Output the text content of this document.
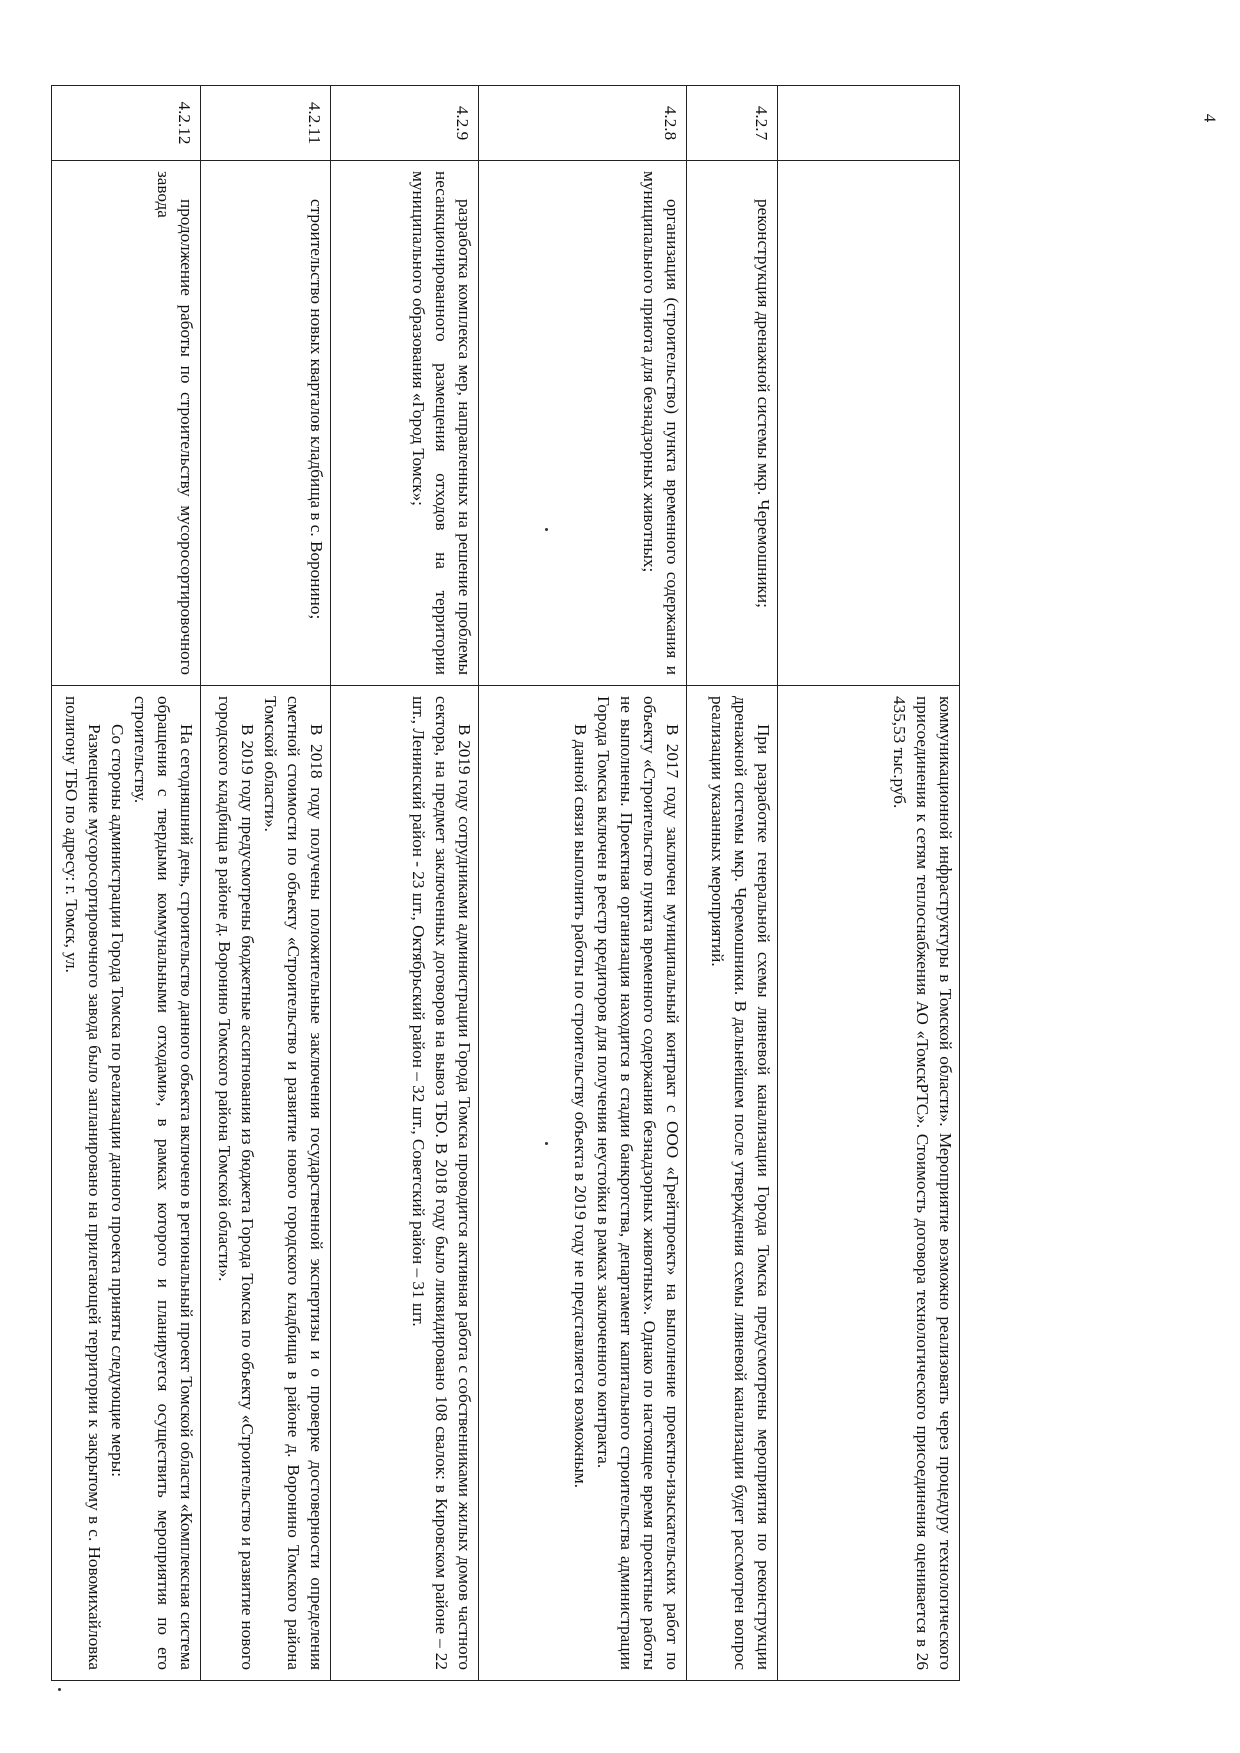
4

		коммуникационной инфраструктуры в Томской области». Мероприятие возможно реализовать через процедуру технологического присоединения к сетям теплоснабжения АО «ТомскРТС». Стоимость договора технологического присоединения оценивается в 26 435,53 тыс.руб.

4.2.7	реконструкция дренажной системы мкр. Черемошники;	При разработке генеральной схемы ливневой канализации Города Томска предусмотрены мероприятия по реконструкции дренажной системы мкр. Черемошники. В дальнейшем после утверждения схемы ливневой канализации будет рассмотрен вопрос реализации указанных мероприятий.

4.2.8	организация (строительство) пункта временного содержания и муниципального приюта для безнадзорных животных;	В 2017 году заключен муниципальный контракт с ООО «Грейтпроект» на выполнение проектно-изыскательских работ по объекту «Строительство пункта временного содержания безнадзорных животных». Однако по настоящее время проектные работы не выполнены. Проектная организация находится в стадии банкротства, департамент капитального строительства администрации Города Томска включен в реестр кредиторов для получения неустойки в рамках заключенного контракта.

В данной связи выполнить работы по строительству объекта в 2019 году не представляется возможным.

4.2.9	разработка комплекса мер, направленных на решение проблемы несанкционированного размещения отходов на территории муниципального образования «Город Томск»;	В 2019 году сотрудниками администрации Города Томска проводится активная работа с собственниками жилых домов частного сектора, на предмет заключенных договоров на вывоз ТБО. В 2018 году было ликвидировано 108 свалок: в Кировском районе – 22 шт., Ленинский район - 23 шт., Октябрьский район – 32 шт., Советский район – 31 шт.

4.2.11	строительство новых кварталов кладбища в с. Воронино;	В 2018 году получены положительные заключения государственной экспертизы и о проверке достоверности определения сметной стоимости по объекту «Строительство и развитие нового городского кладбища в районе д. Воронино Томского района Томской области».

В 2019 году предусмотрены бюджетные ассигнования из бюджета Города Томска по объекту «Строительство и развитие нового городского кладбища в районе д. Воронино Томского района Томской области».

4.2.12	продолжение работы по строительству мусоросортировочного завода	На сегодняшний день, строительство данного объекта включено в региональный проект Томской области «Комплексная система обращения с твердыми коммунальными отходами», в рамках которого и планируется осуществить мероприятия по его строительству.

Со стороны администрации Города Томска по реализации данного проекта приняты следующие меры:

Размещение мусоросортировочного завода было запланировано на прилегающей территории к закрытому в с. Новомихайловка полигону ТБО по адресу: г. Томск, ул.
